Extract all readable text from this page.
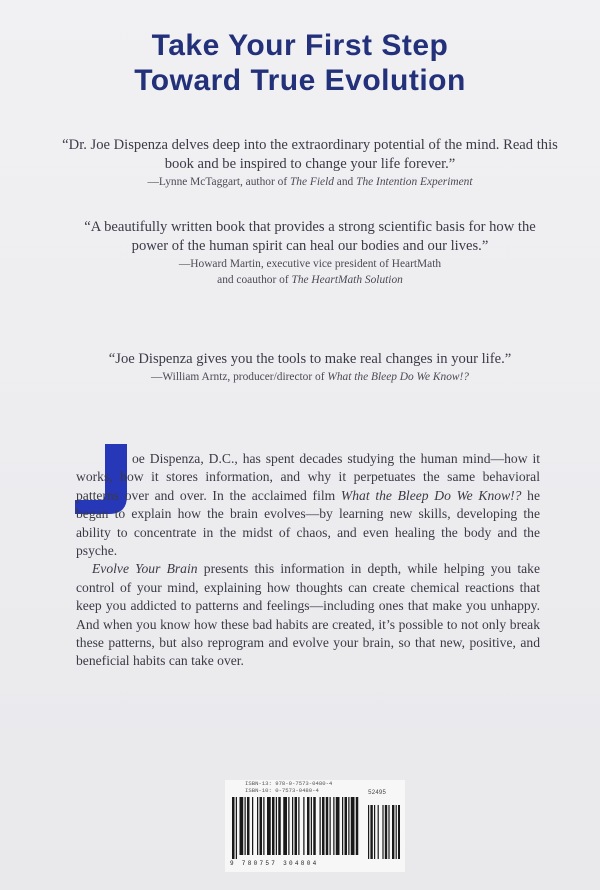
Take Your First Step
Toward True Evolution
“Dr. Joe Dispenza delves deep into the extraordinary potential of the mind. Read this book and be inspired to change your life forever.”
—Lynne McTaggart, author of The Field and The Intention Experiment
“A beautifully written book that provides a strong scientific basis for how the power of the human spirit can heal our bodies and our lives.”
—Howard Martin, executive vice president of HeartMath
and coauthor of The HeartMath Solution
“Joe Dispenza gives you the tools to make real changes in your life.”
—William Arntz, producer/director of What the Bleep Do We Know!?
oe Dispenza, D.C., has spent decades studying the human mind—how it works, how it stores information, and why it perpetuates the same behavioral patterns over and over. In the acclaimed film What the Bleep Do We Know!? he began to explain how the brain evolves—by learning new skills, developing the ability to concentrate in the midst of chaos, and even healing the body and the psyche.
Evolve Your Brain presents this information in depth, while helping you take control of your mind, explaining how thoughts can create chemical reactions that keep you addicted to patterns and feelings—including ones that make you unhappy. And when you know how these bad habits are created, it’s possible to not only break these patterns, but also reprogram and evolve your brain, so that new, positive, and beneficial habits can take over.
ISBN-13: 978-0-7573-0480-4
ISBN-10: 0-7573-0480-4	52495
9 780757 304804
